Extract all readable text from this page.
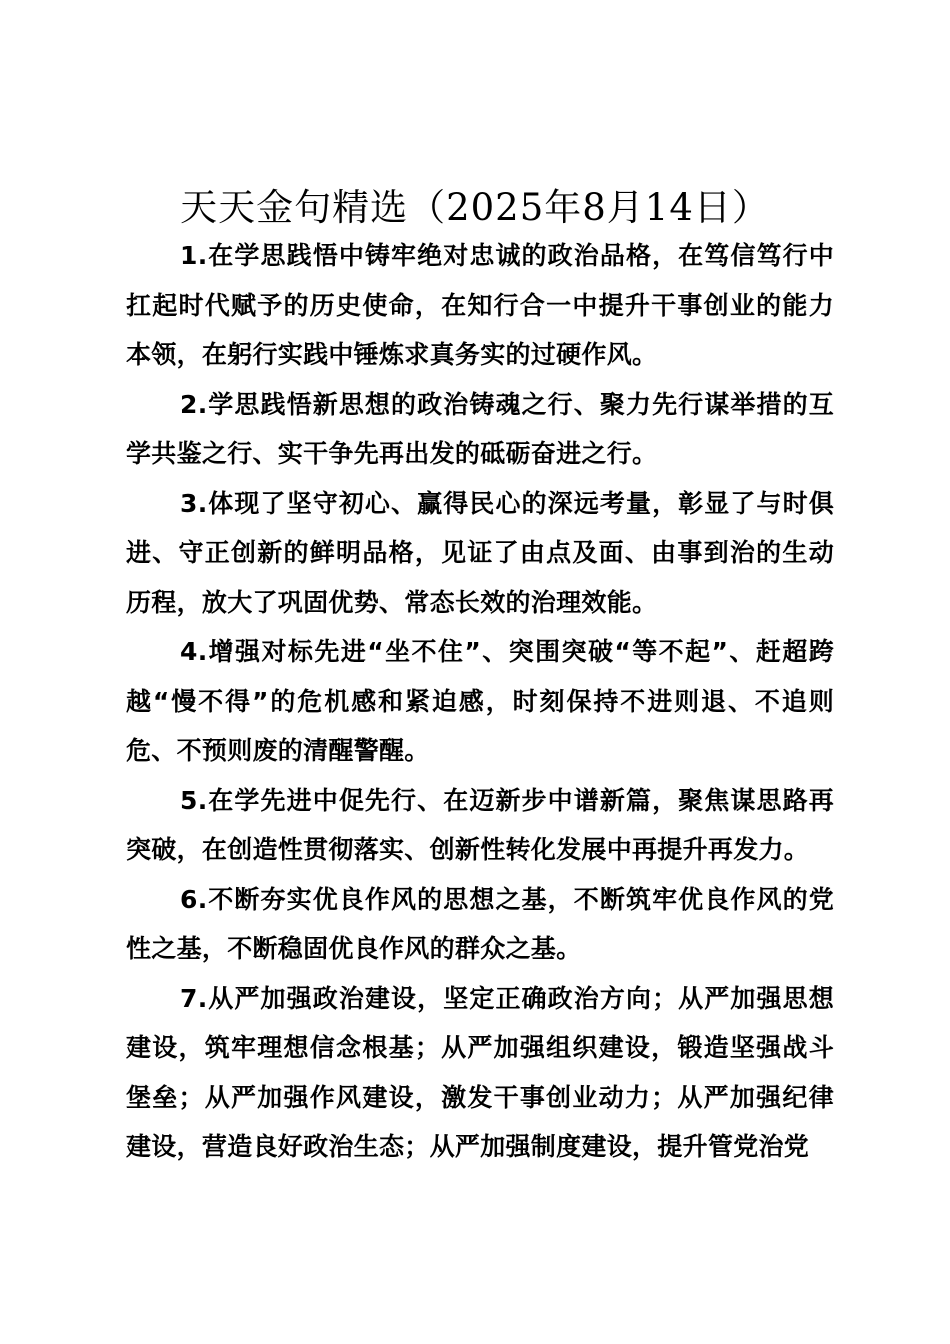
天天金句精选（2025年8月14日）

1.在学思践悟中铸牢绝对忠诚的政治品格，在笃信笃行中扛起时代赋予的历史使命，在知行合一中提升干事创业的能力本领，在躬行实践中锤炼求真务实的过硬作风。

2.学思践悟新思想的政治铸魂之行、聚力先行谋举措的互学共鉴之行、实干争先再出发的砥砺奋进之行。

3.体现了坚守初心、赢得民心的深远考量，彰显了与时俱进、守正创新的鲜明品格，见证了由点及面、由事到治的生动历程，放大了巩固优势、常态长效的治理效能。

4.增强对标先进“坐不住”、突围突破“等不起”、赶超跨越“慢不得”的危机感和紧迫感，时刻保持不进则退、不追则危、不预则废的清醒警醒。

5.在学先进中促先行、在迈新步中谱新篇，聚焦谋思路再突破，在创造性贯彻落实、创新性转化发展中再提升再发力。

6.不断夯实优良作风的思想之基，不断筑牢优良作风的党性之基，不断稳固优良作风的群众之基。

7.从严加强政治建设，坚定正确政治方向；从严加强思想建设，筑牢理想信念根基；从严加强组织建设，锻造坚强战斗堡垒；从严加强作风建设，激发干事创业动力；从严加强纪律建设，营造良好政治生态；从严加强制度建设，提升管党治党
